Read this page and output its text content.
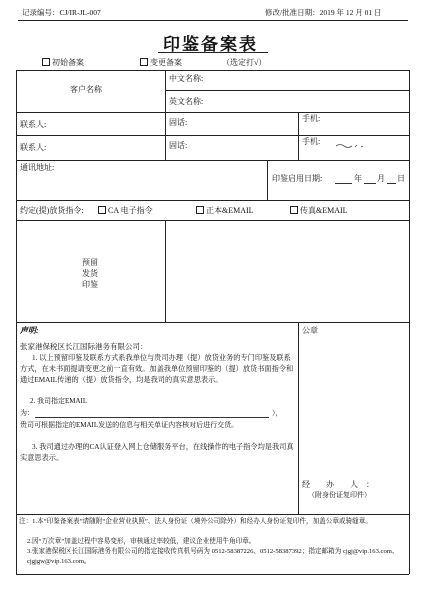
记录编号：CJ/IR-JL-007	修改/批准日期：2019 年 12 月 01 日
印鉴备案表
初始备案	变更备案	（选定打√）
客户名称
中文名称:
英文名称:
联系人:	固话:	手机:
联系人:	固话:	手机:
通讯地址:
印鉴启用日期:	年 月 日
约定(提)放货指令:	CA 电子指令	正本&EMAIL	传真&EMAIL
预留
发货
印鉴
声明:	公章
张家港保税区长江国际港务有限公司：
1. 以上预留印鉴及联系方式系我单位与贵司办理（提）放货业务的专门印鉴及联系方式，在未书面提请变更之前一直有效。加盖我单位预留印鉴的（提）放货书面指令和通过EMAIL传递的（提）放货指令，均是我司的真实意思表示。
2. 我司指定EMAIL
为：	），
贵司可根据指定的EMAIL发送的信息与相关单证内容核对后进行交货。
3. 我司通过办理的CA认证登入网上仓储服务平台，在线操作的电子指令均是我司真实意思表示。
经　　办　　人　：
（附身份证复印件）
注：1.本“印鉴备案表”请随附“企业营业执照”、法人身份证（境外公司除外）和经办人身份证复印件，加盖公章或骑缝章。
2.因“万次章”加盖过程中容易变形，审核通过率较低，建议企业使用牛角印章。
3.张家港保税区长江国际港务有限公司的指定接收传真机号码为 0512-58387226、0512-58387392；指定邮箱为 cjgj@vip.163.com、cjgjgw@vip.163.com。
